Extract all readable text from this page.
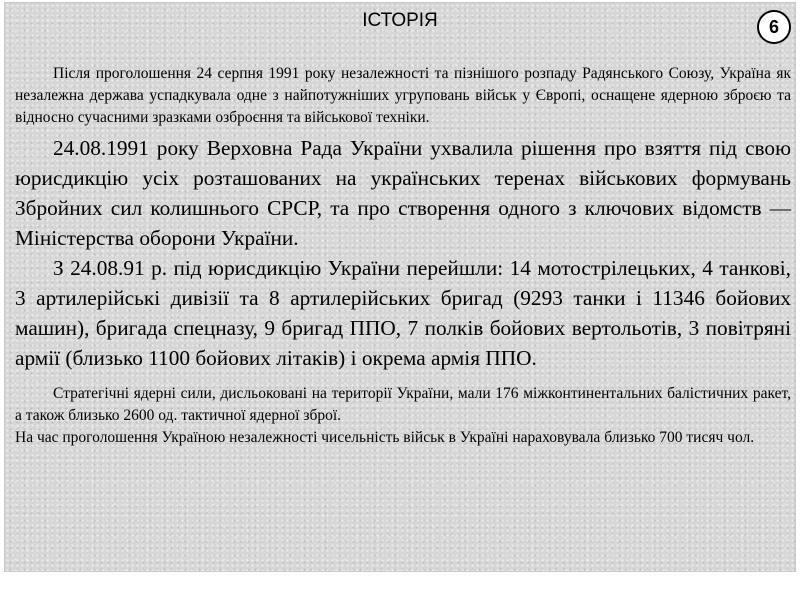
ІСТОРІЯ	6

Після проголошення 24 серпня 1991 року незалежності та пізнішого розпаду Радянського Союзу, Україна як незалежна держава успадкувала одне з найпотужніших угруповань військ у Європі, оснащене ядерною зброєю та відносно сучасними зразками озброєння та військової техніки.

24.08.1991 року Верховна Рада України ухвалила рішення про взяття під свою юрисдикцію усіх розташованих на українських теренах військових формувань Збройних сил колишнього СРСР, та про створення одного з ключових відомств — Міністерства оборони України.

З 24.08.91 р. під юрисдикцію України перейшли: 14 мотострілецьких, 4 танкові, 3 артилерійські дивізії та 8 артилерійських бригад (9293 танки і 11346 бойових машин), бригада спецназу, 9 бригад ППО, 7 полків бойових вертольотів, 3 повітряні армії (близько 1100 бойових літаків) і окрема армія ППО.

Стратегічні ядерні сили, дисльоковані на території України, мали 176 міжконтинентальних балістичних ракет, а також близько 2600 од. тактичної ядерної зброї.

На час проголошення Україною незалежності чисельність військ в Україні нараховувала близько 700 тисяч чол.
